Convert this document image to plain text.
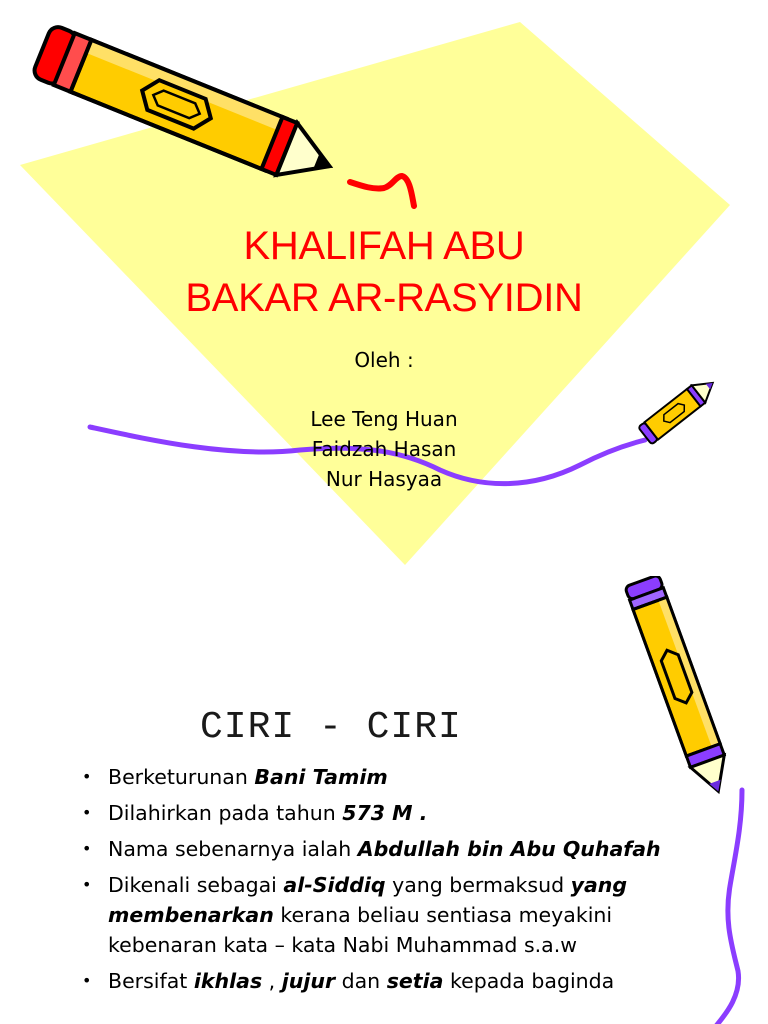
KHALIFAH ABU
BAKAR AR-RASYIDIN
Oleh :
Lee Teng Huan
Faidzah Hasan
Nur Hasyaa
CIRI - CIRI
• Berketurunan Bani Tamim
• Dilahirkan pada tahun 573 M .
• Nama sebenarnya ialah Abdullah bin Abu Quhafah
• Dikenali sebagai al-Siddiq yang bermaksud yang membenarkan kerana beliau sentiasa meyakini kebenaran kata – kata Nabi Muhammad s.a.w
• Bersifat ikhlas , jujur dan setia kepada baginda
